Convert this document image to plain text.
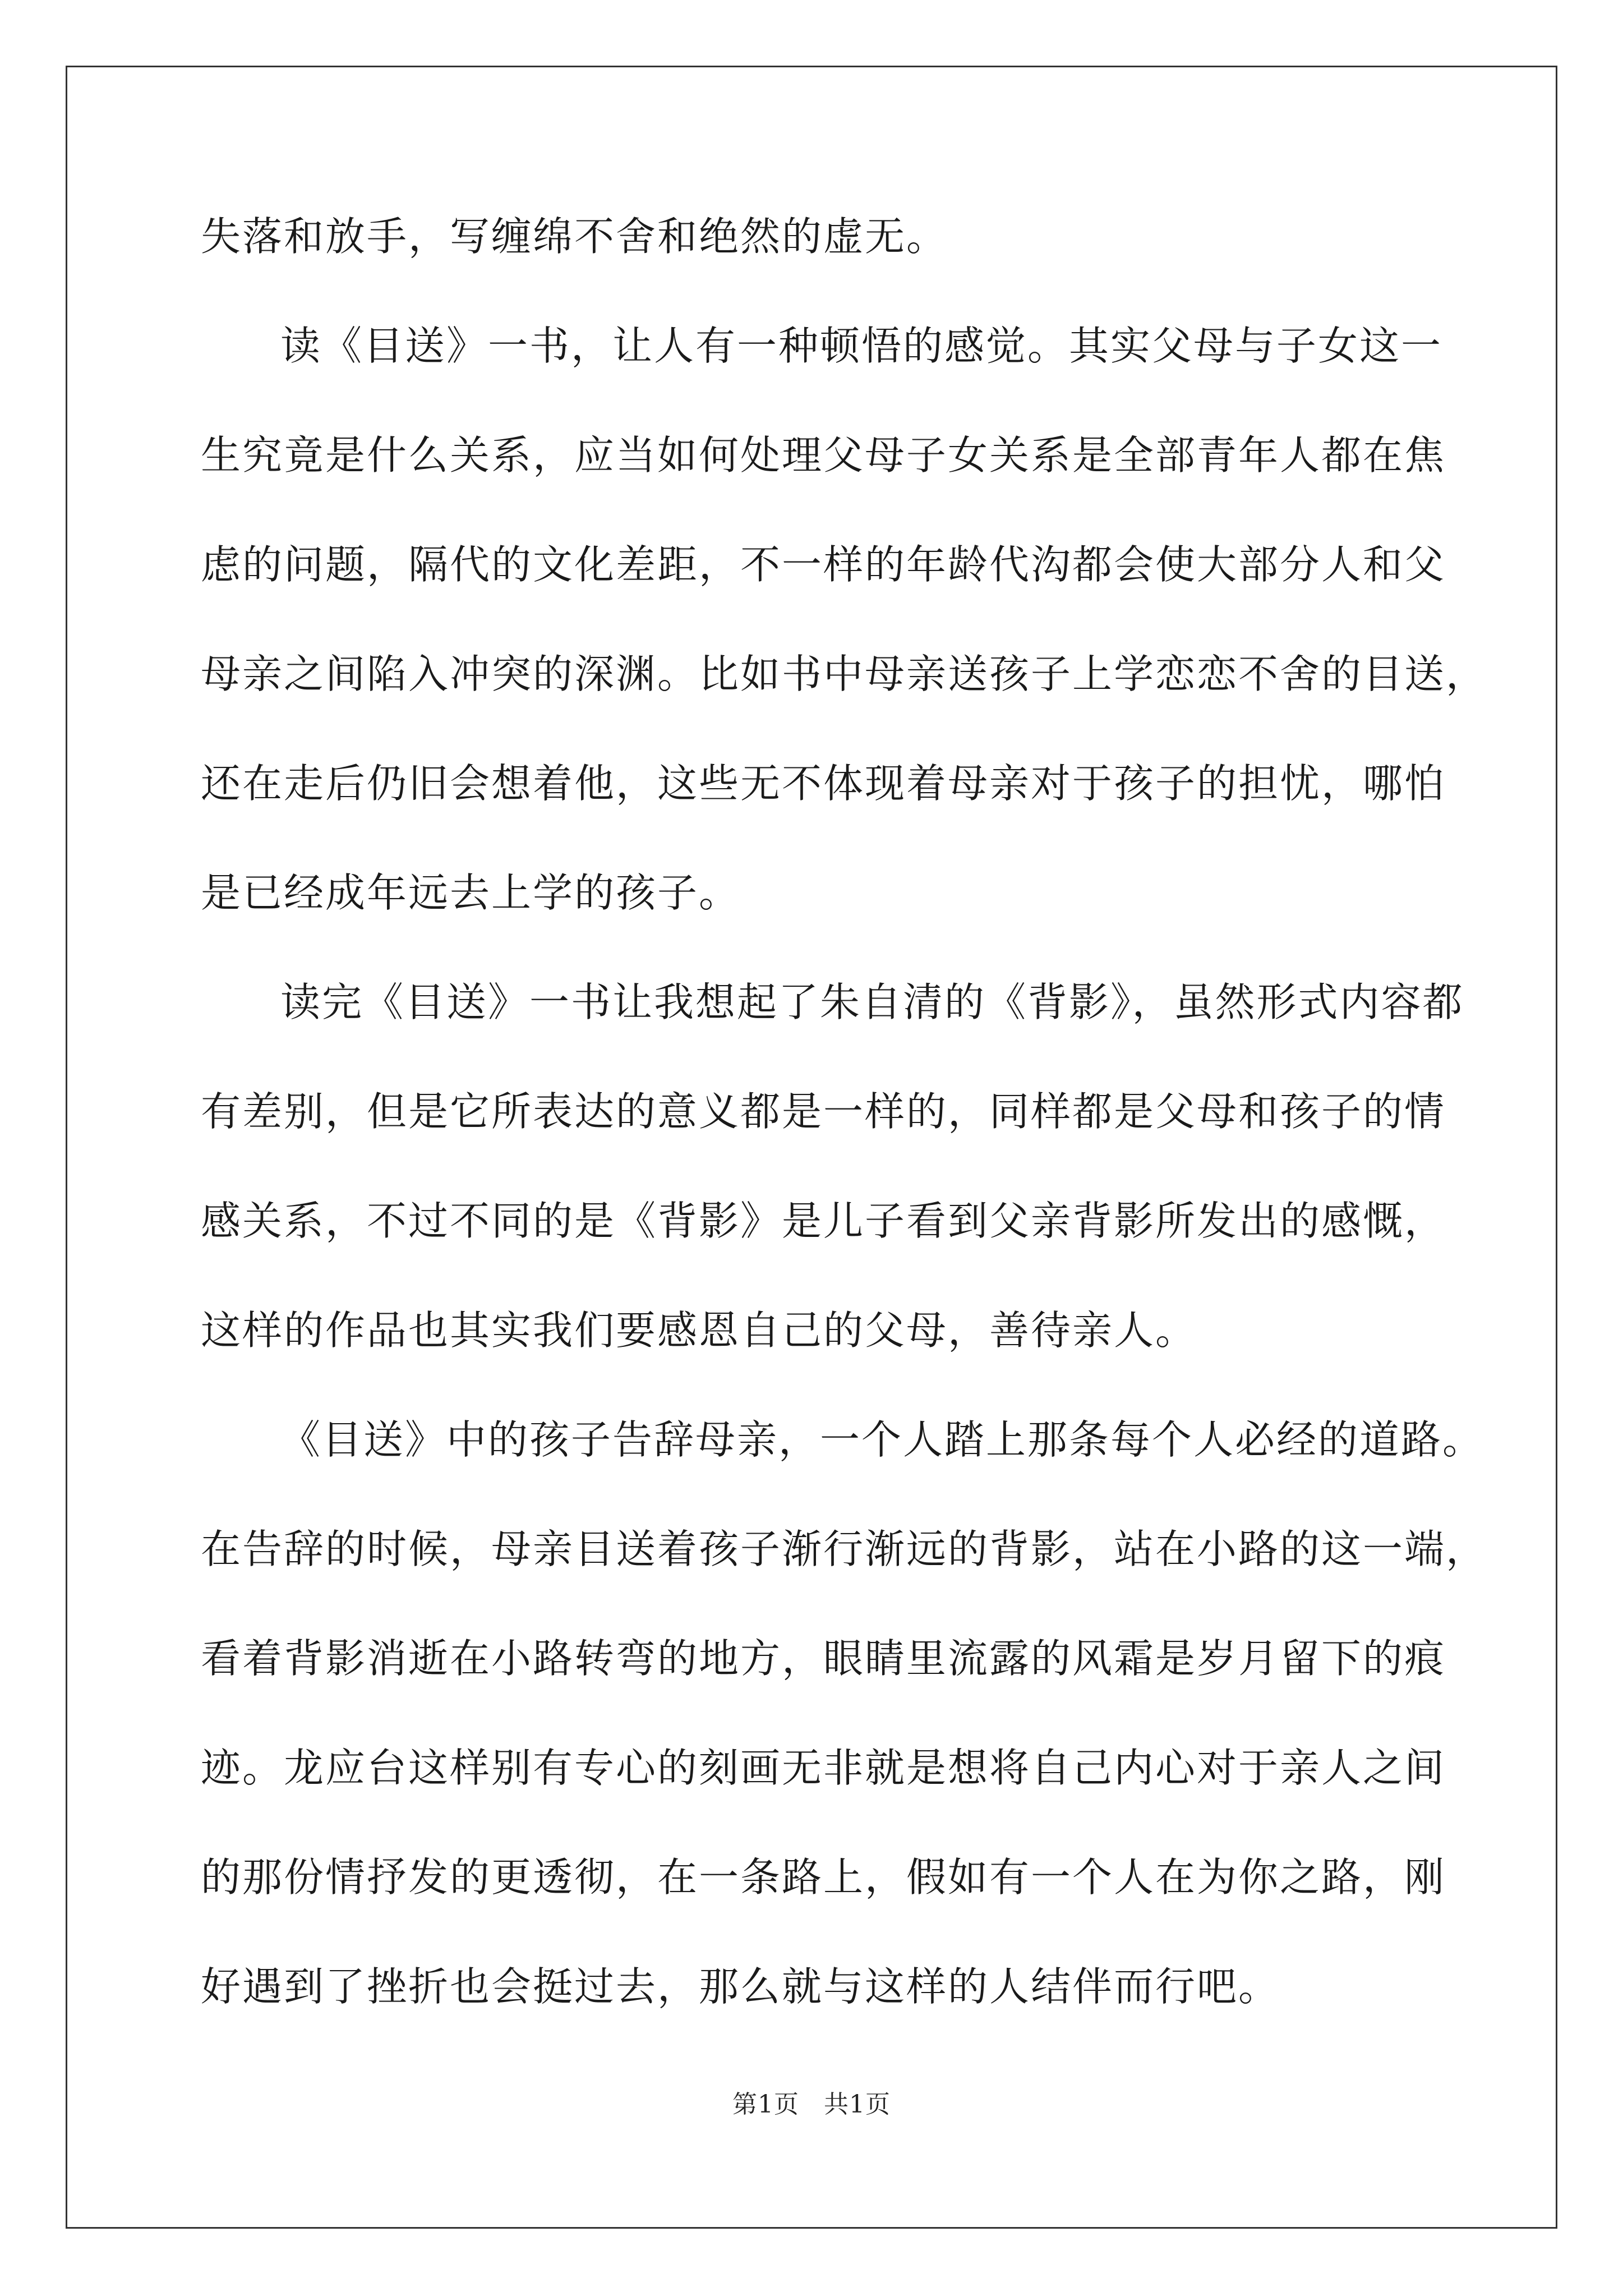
失落和放手，写缠绵不舍和绝然的虚无。
读《目送》一书，让人有一种顿悟的感觉。其实父母与子女这一
生究竟是什么关系，应当如何处理父母子女关系是全部青年人都在焦
虑的问题，隔代的文化差距，不一样的年龄代沟都会使大部分人和父
母亲之间陷入冲突的深渊。比如书中母亲送孩子上学恋恋不舍的目送，
还在走后仍旧会想着他，这些无不体现着母亲对于孩子的担忧，哪怕
是已经成年远去上学的孩子。
读完《目送》一书让我想起了朱自清的《背影》，虽然形式内容都
有差别，但是它所表达的意义都是一样的，同样都是父母和孩子的情
感关系，不过不同的是《背影》是儿子看到父亲背影所发出的感慨，
这样的作品也其实我们要感恩自己的父母，善待亲人。
《目送》中的孩子告辞母亲，一个人踏上那条每个人必经的道路。
在告辞的时候，母亲目送着孩子渐行渐远的背影，站在小路的这一端，
看着背影消逝在小路转弯的地方，眼睛里流露的风霜是岁月留下的痕
迹。龙应台这样别有专心的刻画无非就是想将自己内心对于亲人之间
的那份情抒发的更透彻，在一条路上，假如有一个人在为你之路，刚
好遇到了挫折也会挺过去，那么就与这样的人结伴而行吧。
第1页 共1页
